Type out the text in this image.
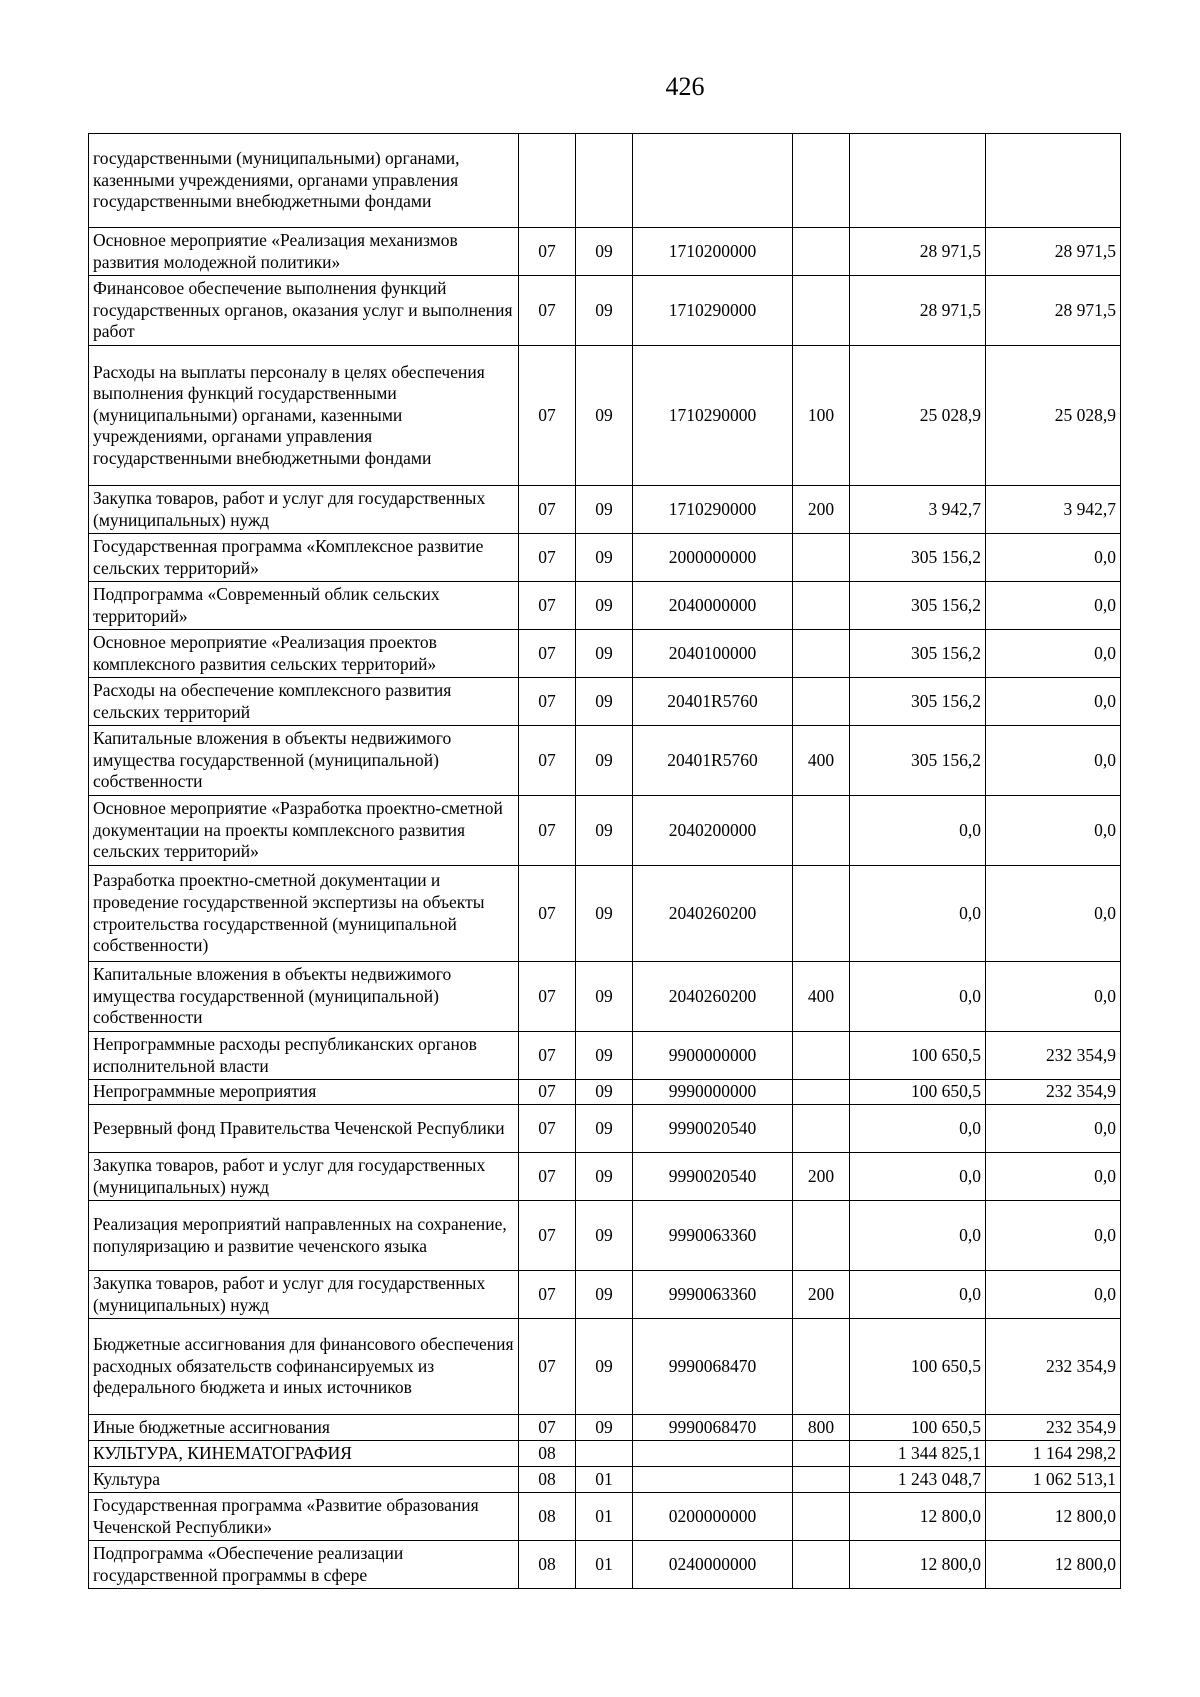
426
государственными (муниципальными) органами, казенными учреждениями, органами управления государственными внебюджетными фондами						
Основное мероприятие «Реализация механизмов развития молодежной политики»	07	09	1710200000		28 971,5	28 971,5
Финансовое обеспечение выполнения функций государственных органов, оказания услуг и выполнения работ	07	09	1710290000		28 971,5	28 971,5
Расходы на выплаты персоналу в целях обеспечения выполнения функций государственными (муниципальными) органами, казенными учреждениями, органами управления государственными внебюджетными фондами	07	09	1710290000	100	25 028,9	25 028,9
Закупка товаров, работ и услуг для государственных (муниципальных) нужд	07	09	1710290000	200	3 942,7	3 942,7
Государственная программа «Комплексное развитие сельских территорий»	07	09	2000000000		305 156,2	0,0
Подпрограмма «Современный облик сельских территорий»	07	09	2040000000		305 156,2	0,0
Основное мероприятие «Реализация проектов комплексного развития сельских территорий»	07	09	2040100000		305 156,2	0,0
Расходы на обеспечение комплексного развития сельских территорий	07	09	20401R5760		305 156,2	0,0
Капитальные вложения в объекты недвижимого имущества государственной (муниципальной) собственности	07	09	20401R5760	400	305 156,2	0,0
Основное мероприятие «Разработка проектно-сметной документации на проекты комплексного развития сельских территорий»	07	09	2040200000		0,0	0,0
Разработка проектно-сметной документации и проведение государственной экспертизы на объекты строительства государственной (муниципальной собственности)	07	09	2040260200		0,0	0,0
Капитальные вложения в объекты недвижимого имущества государственной (муниципальной) собственности	07	09	2040260200	400	0,0	0,0
Непрограммные расходы республиканских органов исполнительной власти	07	09	9900000000		100 650,5	232 354,9
Непрограммные мероприятия	07	09	9990000000		100 650,5	232 354,9
Резервный фонд Правительства Чеченской Республики	07	09	9990020540		0,0	0,0
Закупка товаров, работ и услуг для государственных (муниципальных) нужд	07	09	9990020540	200	0,0	0,0
Реализация мероприятий направленных на сохранение, популяризацию и развитие чеченского языка	07	09	9990063360		0,0	0,0
Закупка товаров, работ и услуг для государственных (муниципальных) нужд	07	09	9990063360	200	0,0	0,0
Бюджетные ассигнования для финансового обеспечения расходных обязательств софинансируемых из федерального бюджета и иных источников	07	09	9990068470		100 650,5	232 354,9
Иные бюджетные ассигнования	07	09	9990068470	800	100 650,5	232 354,9
КУЛЬТУРА, КИНЕМАТОГРАФИЯ	08				1 344 825,1	1 164 298,2
Культура	08	01			1 243 048,7	1 062 513,1
Государственная программа «Развитие образования Чеченской Республики»	08	01	0200000000		12 800,0	12 800,0
Подпрограмма «Обеспечение реализации государственной программы в сфере	08	01	0240000000		12 800,0	12 800,0
